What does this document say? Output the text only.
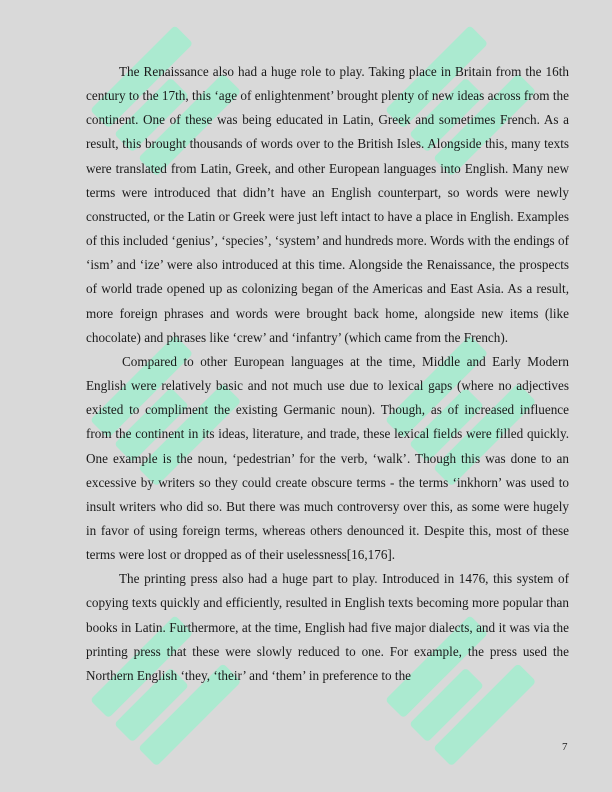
The Renaissance also had a huge role to play. Taking place in Britain from the 16th century to the 17th, this ‘age of enlightenment’ brought plenty of new ideas across from the continent. One of these was being educated in Latin, Greek and sometimes French. As a result, this brought thousands of words over to the British Isles. Alongside this, many texts were translated from Latin, Greek, and other European languages into English. Many new terms were introduced that didn’t have an English counterpart, so words were newly constructed, or the Latin or Greek were just left intact to have a place in English. Examples of this included ‘genius’, ‘species’, ‘system’ and hundreds more. Words with the endings of ‘ism’ and ‘ize’ were also introduced at this time. Alongside the Renaissance, the prospects of world trade opened up as colonizing began of the Americas and East Asia. As a result, more foreign phrases and words were brought back home, alongside new items (like chocolate) and phrases like ‘crew’ and ‘infantry’ (which came from the French).

Compared to other European languages at the time, Middle and Early Modern English were relatively basic and not much use due to lexical gaps (where no adjectives existed to compliment the existing Germanic noun). Though, as of increased influence from the continent in its ideas, literature, and trade, these lexical fields were filled quickly. One example is the noun, ‘pedestrian’ for the verb, ‘walk’. Though this was done to an excessive by writers so they could create obscure terms - the terms ‘inkhorn’ was used to insult writers who did so. But there was much controversy over this, as some were hugely in favor of using foreign terms, whereas others denounced it. Despite this, most of these terms were lost or dropped as of their uselessness[16,176].

The printing press also had a huge part to play. Introduced in 1476, this system of copying texts quickly and efficiently, resulted in English texts becoming more popular than books in Latin. Furthermore, at the time, English had five major dialects, and it was via the printing press that these were slowly reduced to one. For example, the press used the Northern English ‘they, ‘their’ and ‘them’ in preference to the

7
